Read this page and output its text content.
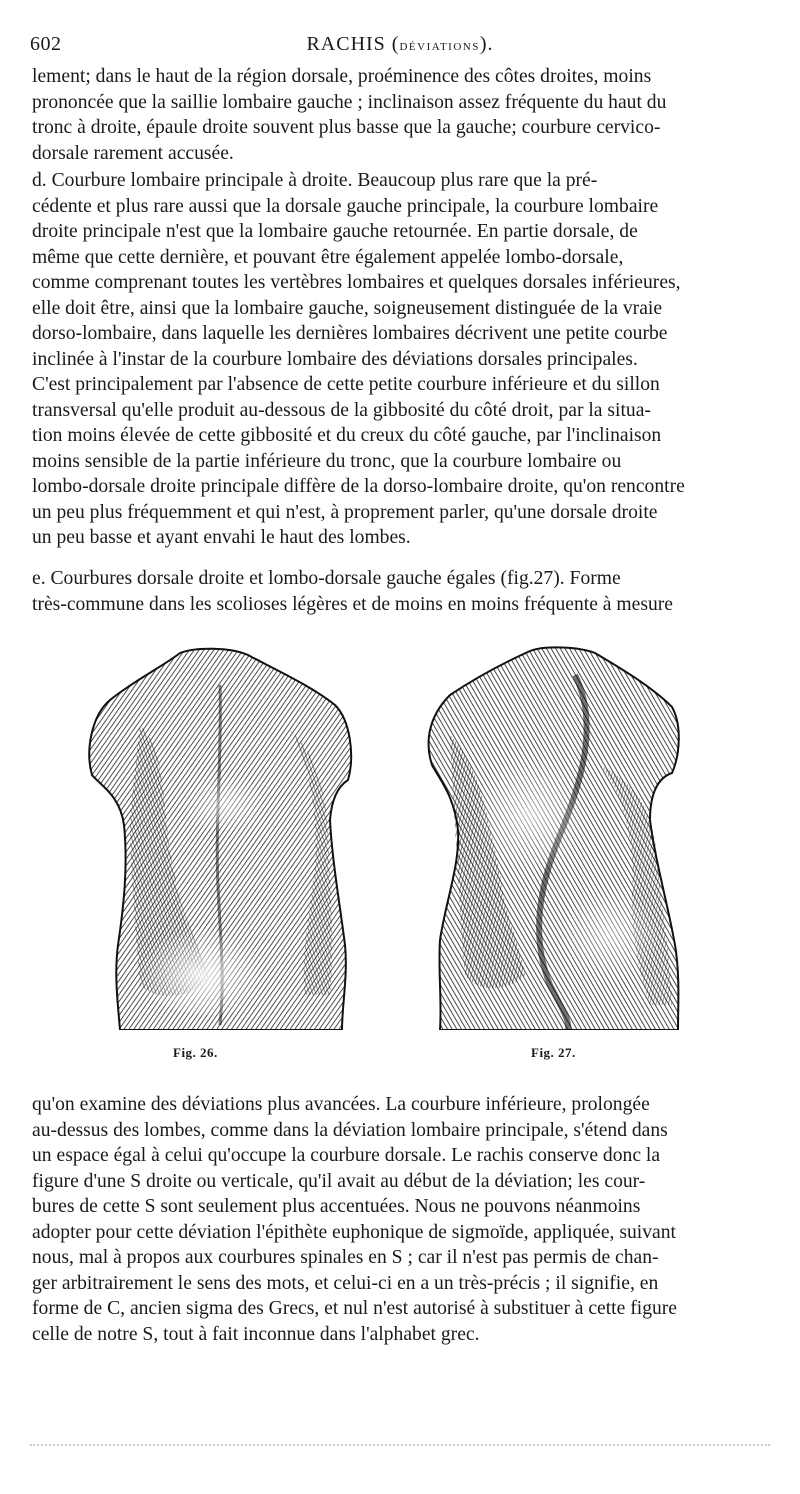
602	RACHIS (déviations).
lement; dans le haut de la région dorsale, proéminence des côtes droites, moins
prononcée que la saillie lombaire gauche ; inclinaison assez fréquente du haut du
tronc à droite, épaule droite souvent plus basse que la gauche; courbure cervico-
dorsale rarement accusée.
d. Courbure lombaire principale à droite. Beaucoup plus rare que la pré-
cédente et plus rare aussi que la dorsale gauche principale, la courbure lombaire
droite principale n'est que la lombaire gauche retournée. En partie dorsale, de
même que cette dernière, et pouvant être également appelée lombo-dorsale,
comme comprenant toutes les vertèbres lombaires et quelques dorsales inférieures,
elle doit être, ainsi que la lombaire gauche, soigneusement distinguée de la vraie
dorso-lombaire, dans laquelle les dernières lombaires décrivent une petite courbe
inclinée à l'instar de la courbure lombaire des déviations dorsales principales.
C'est principalement par l'absence de cette petite courbure inférieure et du sillon
transversal qu'elle produit au-dessous de la gibbosité du côté droit, par la situa-
tion moins élevée de cette gibbosité et du creux du côté gauche, par l'inclinaison
moins sensible de la partie inférieure du tronc, que la courbure lombaire ou
lombo-dorsale droite principale diffère de la dorso-lombaire droite, qu'on rencontre
un peu plus fréquemment et qui n'est, à proprement parler, qu'une dorsale droite
un peu basse et ayant envahi le haut des lombes.
e. Courbures dorsale droite et lombo-dorsale gauche égales (fig.27). Forme
très-commune dans les scolioses légères et de moins en moins fréquente à mesure
Fig. 26.	Fig. 27.
qu'on examine des déviations plus avancées. La courbure inférieure, prolongée
au-dessus des lombes, comme dans la déviation lombaire principale, s'étend dans
un espace égal à celui qu'occupe la courbure dorsale. Le rachis conserve donc la
figure d'une S droite ou verticale, qu'il avait au début de la déviation; les cour-
bures de cette S sont seulement plus accentuées. Nous ne pouvons néanmoins
adopter pour cette déviation l'épithète euphonique de sigmoïde, appliquée, suivant
nous, mal à propos aux courbures spinales en S ; car il n'est pas permis de chan-
ger arbitrairement le sens des mots, et celui-ci en a un très-précis ; il signifie, en
forme de C, ancien sigma des Grecs, et nul n'est autorisé à substituer à cette figure
celle de notre S, tout à fait inconnue dans l'alphabet grec.
